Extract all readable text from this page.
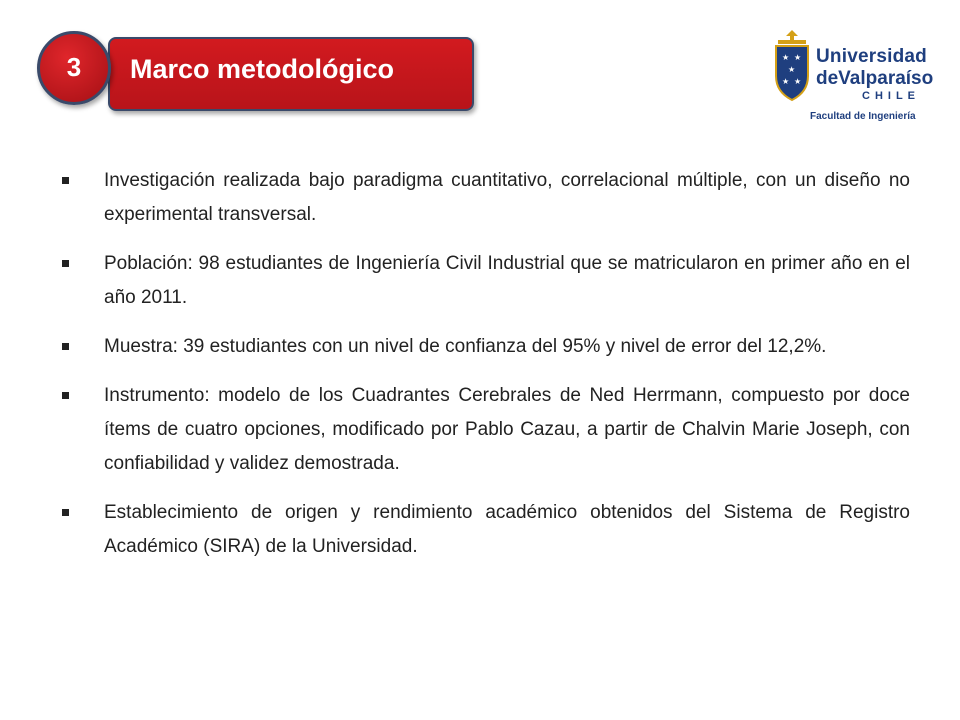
Marco metodológico
3	★ ★
★
★ ★
Universidad
deValparaíso
CHILE
Facultad de Ingeniería
Investigación realizada bajo paradigma cuantitativo, correlacional múltiple, con un diseño no experimental transversal.
Población: 98 estudiantes de Ingeniería Civil Industrial que se matricularon en primer año en el año 2011.
Muestra: 39 estudiantes con un nivel de confianza del 95% y nivel de error del 12,2%.
Instrumento: modelo de los Cuadrantes Cerebrales de Ned Herrmann, compuesto por doce ítems de cuatro opciones, modificado por Pablo Cazau, a partir de Chalvin Marie Joseph, con confiabilidad y validez demostrada.
Establecimiento de origen y rendimiento académico obtenidos del Sistema de Registro Académico (SIRA) de la Universidad.
